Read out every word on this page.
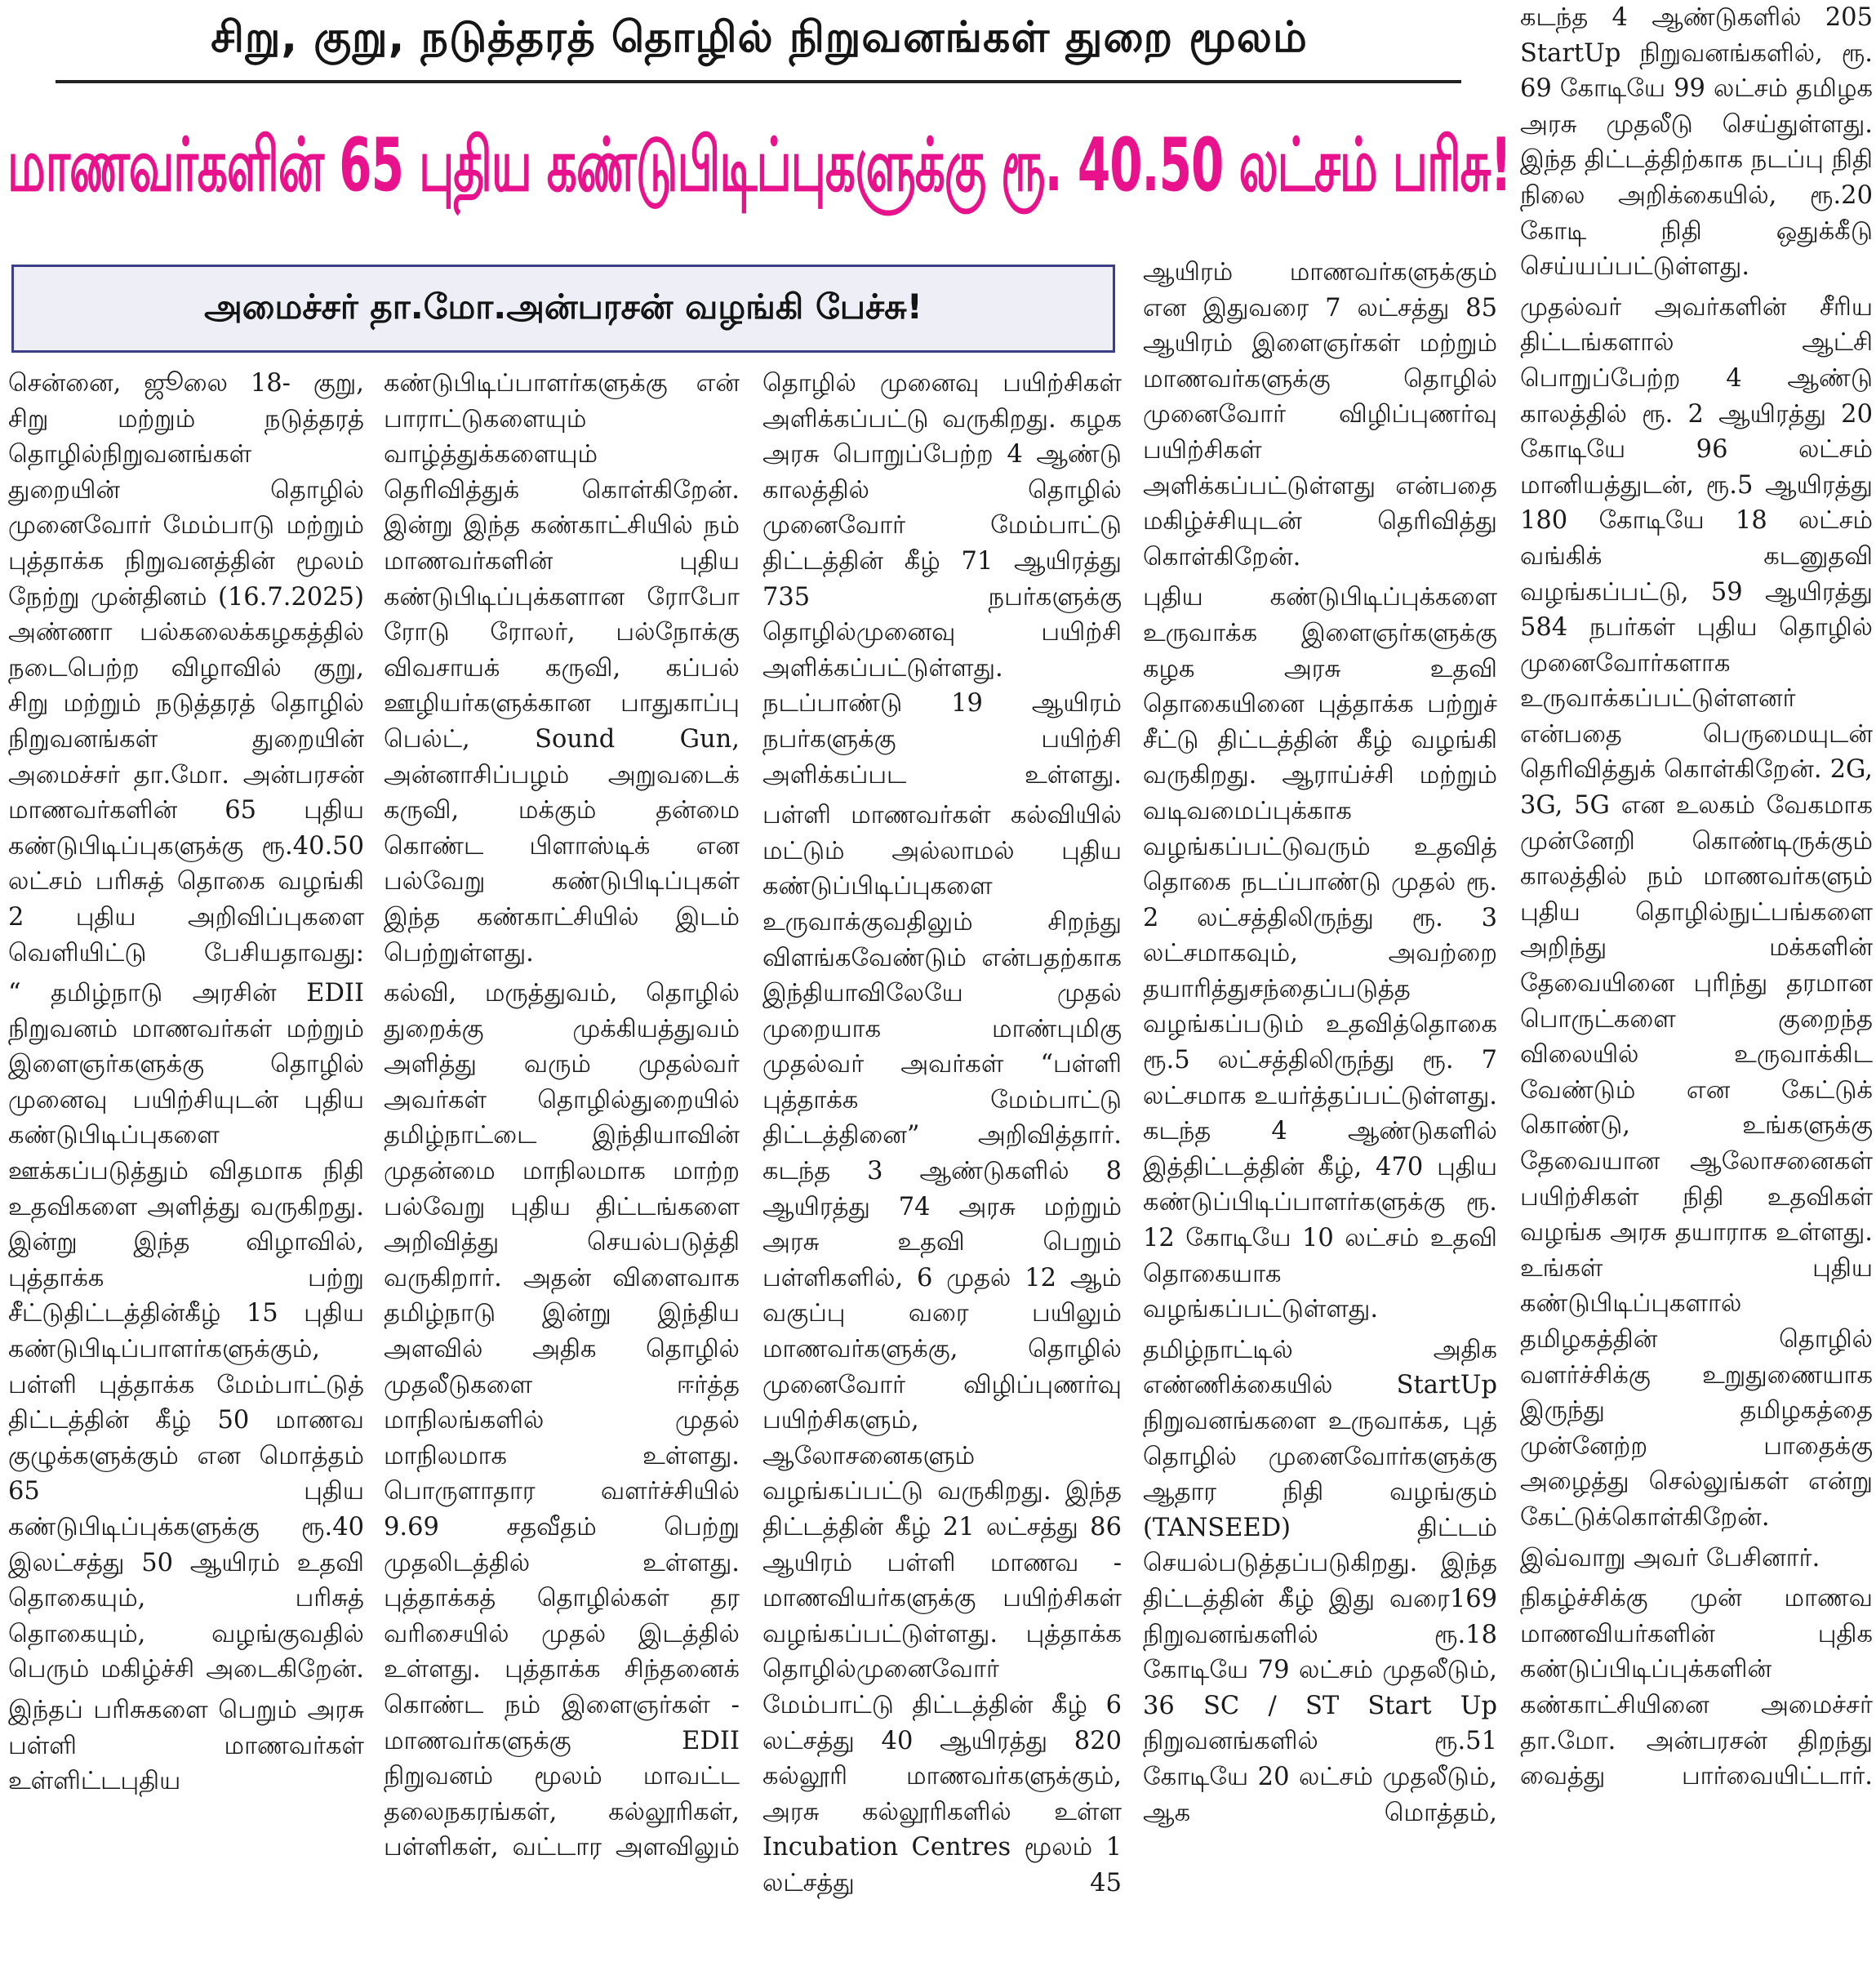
சிறு, குறு, நடுத்தரத் தொழில் நிறுவனங்கள் துறை மூலம்
மாணவர்களின் 65 புதிய கண்டுபிடிப்புகளுக்கு ரூ. 40.50 லட்சம் பரிசு!
அமைச்சர் தா.மோ.அன்பரசன் வழங்கி பேச்சு!

சென்னை, ஜூலை 18- குறு, சிறு மற்றும் நடுத்தரத் தொழில்நிறுவனங்கள் துறையின் தொழில் முனைவோர் மேம்பாடு மற்றும் புத்தாக்க நிறுவனத்தின் மூலம் நேற்று முன்தினம் (16.7.2025) அண்ணா பல்கலைக்கழகத்தில் நடைபெற்ற விழாவில் குறு, சிறு மற்றும் நடுத்தரத் தொழில் நிறுவனங்கள் துறையின் அமைச்சர் தா.மோ. அன்பரசன் மாணவர்களின் 65 புதிய கண்டுபிடிப்புகளுக்கு ரூ.40.50 லட்சம் பரிசுத் தொகை வழங்கி 2 புதிய அறிவிப்புகளை வெளியிட்டு பேசியதாவது:

“ தமிழ்நாடு அரசின் EDII நிறுவனம் மாணவர்கள் மற்றும் இளைஞர்களுக்கு தொழில் முனைவு பயிற்சியுடன் புதிய கண்டுபிடிப்புகளை ஊக்கப்படுத்தும் விதமாக நிதி உதவிகளை அளித்து வருகிறது. இன்று இந்த விழாவில், புத்தாக்க பற்று சீட்டுதிட்டத்தின்கீழ் 15 புதிய கண்டுபிடிப்பாளர்களுக்கும், பள்ளி புத்தாக்க மேம்பாட்டுத் திட்டத்தின் கீழ் 50 மாணவ குழுக்களுக்கும் என மொத்தம் 65 புதிய கண்டுபிடிப்புக்களுக்கு ரூ.40 இலட்சத்து 50 ஆயிரம் உதவி தொகையும், பரிசுத் தொகையும், வழங்குவதில் பெரும் மகிழ்ச்சி அடைகிறேன்.

இந்தப் பரிசுகளை பெறும் அரசு பள்ளி மாணவர்கள் உள்ளிட்டபுதிய

கண்டுபிடிப்பாளர்களுக்கு என் பாராட்டுகளையும் வாழ்த்துக்களையும் தெரிவித்துக் கொள்கிறேன். இன்று இந்த கண்காட்சியில் நம் மாணவர்களின் புதிய கண்டுபிடிப்புக்களான ரோபோ ரோடு ரோலர், பல்நோக்கு விவசாயக் கருவி, கப்பல் ஊழியர்களுக்கான பாதுகாப்பு பெல்ட், Sound Gun, அன்னாசிப்பழம் அறுவடைக் கருவி, மக்கும் தன்மை கொண்ட பிளாஸ்டிக் என பல்வேறு கண்டுபிடிப்புகள் இந்த கண்காட்சியில் இடம் பெற்றுள்ளது.

கல்வி, மருத்துவம், தொழில் துறைக்கு முக்கியத்துவம் அளித்து வரும் முதல்வர் அவர்கள் தொழில்துறையில் தமிழ்நாட்டை இந்தியாவின் முதன்மை மாநிலமாக மாற்ற பல்வேறு புதிய திட்டங்களை அறிவித்து செயல்படுத்தி வருகிறார். அதன் விளைவாக தமிழ்நாடு இன்று இந்திய அளவில் அதிக தொழில் முதலீடுகளை ஈர்த்த மாநிலங்களில் முதல் மாநிலமாக உள்ளது. பொருளாதார வளர்ச்சியில் 9.69 சதவீதம் பெற்று முதலிடத்தில் உள்ளது. புத்தாக்கத் தொழில்கள் தர வரிசையில் முதல் இடத்தில் உள்ளது. புத்தாக்க சிந்தனைக் கொண்ட நம் இளைஞர்கள் - மாணவர்களுக்கு EDII நிறுவனம் மூலம் மாவட்ட தலைநகரங்கள், கல்லூரிகள், பள்ளிகள், வட்டார அளவிலும்

தொழில் முனைவு பயிற்சிகள் அளிக்கப்பட்டு வருகிறது. கழக அரசு பொறுப்பேற்ற 4 ஆண்டு காலத்தில் தொழில் முனைவோர் மேம்பாட்டு திட்டத்தின் கீழ் 71 ஆயிரத்து 735 நபர்களுக்கு தொழில்முனைவு பயிற்சி அளிக்கப்பட்டுள்ளது. நடப்பாண்டு 19 ஆயிரம் நபர்களுக்கு பயிற்சி அளிக்கப்பட உள்ளது.

பள்ளி மாணவர்கள் கல்வியில் மட்டும் அல்லாமல் புதிய கண்டுப்பிடிப்புகளை உருவாக்குவதிலும் சிறந்து விளங்கவேண்டும் என்பதற்காக இந்தியாவிலேயே முதல் முறையாக மாண்புமிகு முதல்வர் அவர்கள் “பள்ளி புத்தாக்க மேம்பாட்டு திட்டத்தினை” அறிவித்தார். கடந்த 3 ஆண்டுகளில் 8 ஆயிரத்து 74 அரசு மற்றும் அரசு உதவி பெறும் பள்ளிகளில், 6 முதல் 12 ஆம் வகுப்பு வரை பயிலும் மாணவர்களுக்கு, தொழில் முனைவோர் விழிப்புணர்வு பயிற்சிகளும், ஆலோசனைகளும் வழங்கப்பட்டு வருகிறது. இந்த திட்டத்தின் கீழ் 21 லட்சத்து 86 ஆயிரம் பள்ளி மாணவ - மாணவியர்களுக்கு பயிற்சிகள் வழங்கப்பட்டுள்ளது. புத்தாக்க தொழில்முனைவோர் மேம்பாட்டு திட்டத்தின் கீழ் 6 லட்சத்து 40 ஆயிரத்து 820 கல்லூரி மாணவர்களுக்கும், அரசு கல்லூரிகளில் உள்ள Incubation Centres மூலம் 1 லட்சத்து 45

ஆயிரம் மாணவர்களுக்கும் என இதுவரை 7 லட்சத்து 85 ஆயிரம் இளைஞர்கள் மற்றும் மாணவர்களுக்கு தொழில் முனைவோர் விழிப்புணர்வு பயிற்சிகள் அளிக்கப்பட்டுள்ளது என்பதை மகிழ்ச்சியுடன் தெரிவித்து கொள்கிறேன்.

புதிய கண்டுபிடிப்புக்களை உருவாக்க இளைஞர்களுக்கு கழக அரசு உதவி தொகையினை புத்தாக்க பற்றுச் சீட்டு திட்டத்தின் கீழ் வழங்கி வருகிறது. ஆராய்ச்சி மற்றும் வடிவமைப்புக்காக வழங்கப்பட்டுவரும் உதவித் தொகை நடப்பாண்டு முதல் ரூ. 2 லட்சத்திலிருந்து ரூ. 3 லட்சமாகவும், அவற்றை தயாரித்துசந்தைப்படுத்த வழங்கப்படும் உதவித்தொகை ரூ.5 லட்சத்திலிருந்து ரூ. 7 லட்சமாக உயர்த்தப்பட்டுள்ளது. கடந்த 4 ஆண்டுகளில் இத்திட்டத்தின் கீழ், 470 புதிய கண்டுப்பிடிப்பாளர்களுக்கு ரூ. 12 கோடியே 10 லட்சம் உதவி தொகையாக வழங்கப்பட்டுள்ளது.

தமிழ்நாட்டில் அதிக எண்ணிக்கையில் StartUp நிறுவனங்களை உருவாக்க, புத் தொழில் முனைவோர்களுக்கு ஆதார நிதி வழங்கும் (TANSEED) திட்டம் செயல்படுத்தப்படுகிறது. இந்த திட்டத்தின் கீழ் இது வரை169 நிறுவனங்களில் ரூ.18 கோடியே 79 லட்சம் முதலீடும், 36 SC / ST Start Up நிறுவனங்களில் ரூ.51 கோடியே 20 லட்சம் முதலீடும், ஆக மொத்தம்,

கடந்த 4 ஆண்டுகளில் 205 StartUp நிறுவனங்களில், ரூ. 69 கோடியே 99 லட்சம் தமிழக அரசு முதலீடு செய்துள்ளது. இந்த திட்டத்திற்காக நடப்பு நிதி நிலை அறிக்கையில், ரூ.20 கோடி நிதி ஒதுக்கீடு செய்யப்பட்டுள்ளது.

முதல்வர் அவர்களின் சீரிய திட்டங்களால் ஆட்சி பொறுப்பேற்ற 4 ஆண்டு காலத்தில் ரூ. 2 ஆயிரத்து 20 கோடியே 96 லட்சம் மானியத்துடன், ரூ.5 ஆயிரத்து 180 கோடியே 18 லட்சம் வங்கிக் கடனுதவி வழங்கப்பட்டு, 59 ஆயிரத்து 584 நபர்கள் புதிய தொழில் முனைவோர்களாக உருவாக்கப்பட்டுள்ளனர் என்பதை பெருமையுடன் தெரிவித்துக் கொள்கிறேன். 2G, 3G, 5G என உலகம் வேகமாக முன்னேறி கொண்டிருக்கும் காலத்தில் நம் மாணவர்களும் புதிய தொழில்நுட்பங்களை அறிந்து மக்களின் தேவையினை புரிந்து தரமான பொருட்களை குறைந்த விலையில் உருவாக்கிட வேண்டும் என கேட்டுக் கொண்டு, உங்களுக்கு தேவையான ஆலோசனைகள் பயிற்சிகள் நிதி உதவிகள் வழங்க அரசு தயாராக உள்ளது. உங்கள் புதிய கண்டுபிடிப்புகளால் தமிழகத்தின் தொழில் வளர்ச்சிக்கு உறுதுணையாக இருந்து தமிழகத்தை முன்னேற்ற பாதைக்கு அழைத்து செல்லுங்கள் என்று கேட்டுக்கொள்கிறேன்.

இவ்வாறு அவர் பேசினார்.

நிகழ்ச்சிக்கு முன் மாணவ மாணவியர்களின் புதிக கண்டுப்பிடிப்புக்களின் கண்காட்சியினை அமைச்சர் தா.மோ. அன்பரசன் திறந்து வைத்து பார்வையிட்டார்.
